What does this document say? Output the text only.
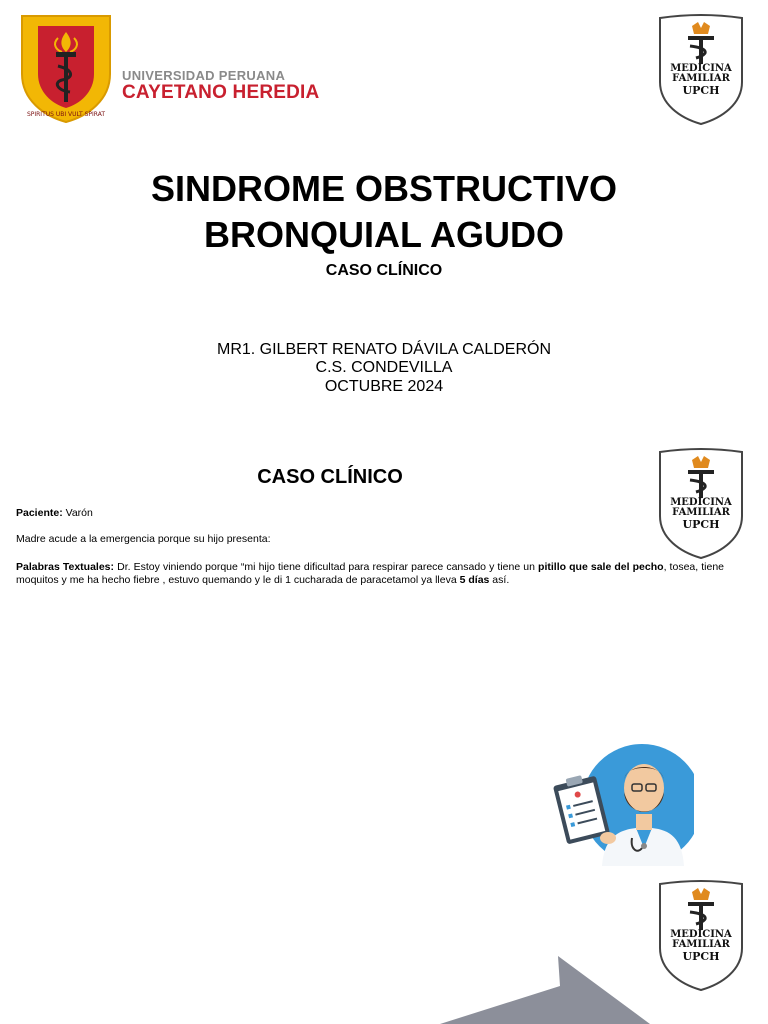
SPIRITUS UBI VULT SPIRAT
UNIVERSIDAD PERUANA
CAYETANO HEREDIA
MEDICINA
FAMILIAR
UPCH
SINDROME OBSTRUCTIVO
BRONQUIAL AGUDO
CASO CLÍNICO
MR1. GILBERT RENATO DÁVILA CALDERÓN
C.S. CONDEVILLA
OCTUBRE 2024
MEDICINA
FAMILIAR
UPCH
CASO CLÍNICO
Paciente: Varón
Madre acude a la emergencia porque su hijo presenta:
Palabras Textuales: Dr. Estoy viniendo porque “mi hijo tiene dificultad para respirar parece cansado y tiene un pitillo que sale del pecho, tosea, tiene moquitos y me ha hecho fiebre , estuvo quemando y le di 1 cucharada de paracetamol ya lleva 5 días así.
MEDICINA
FAMILIAR
UPCH
